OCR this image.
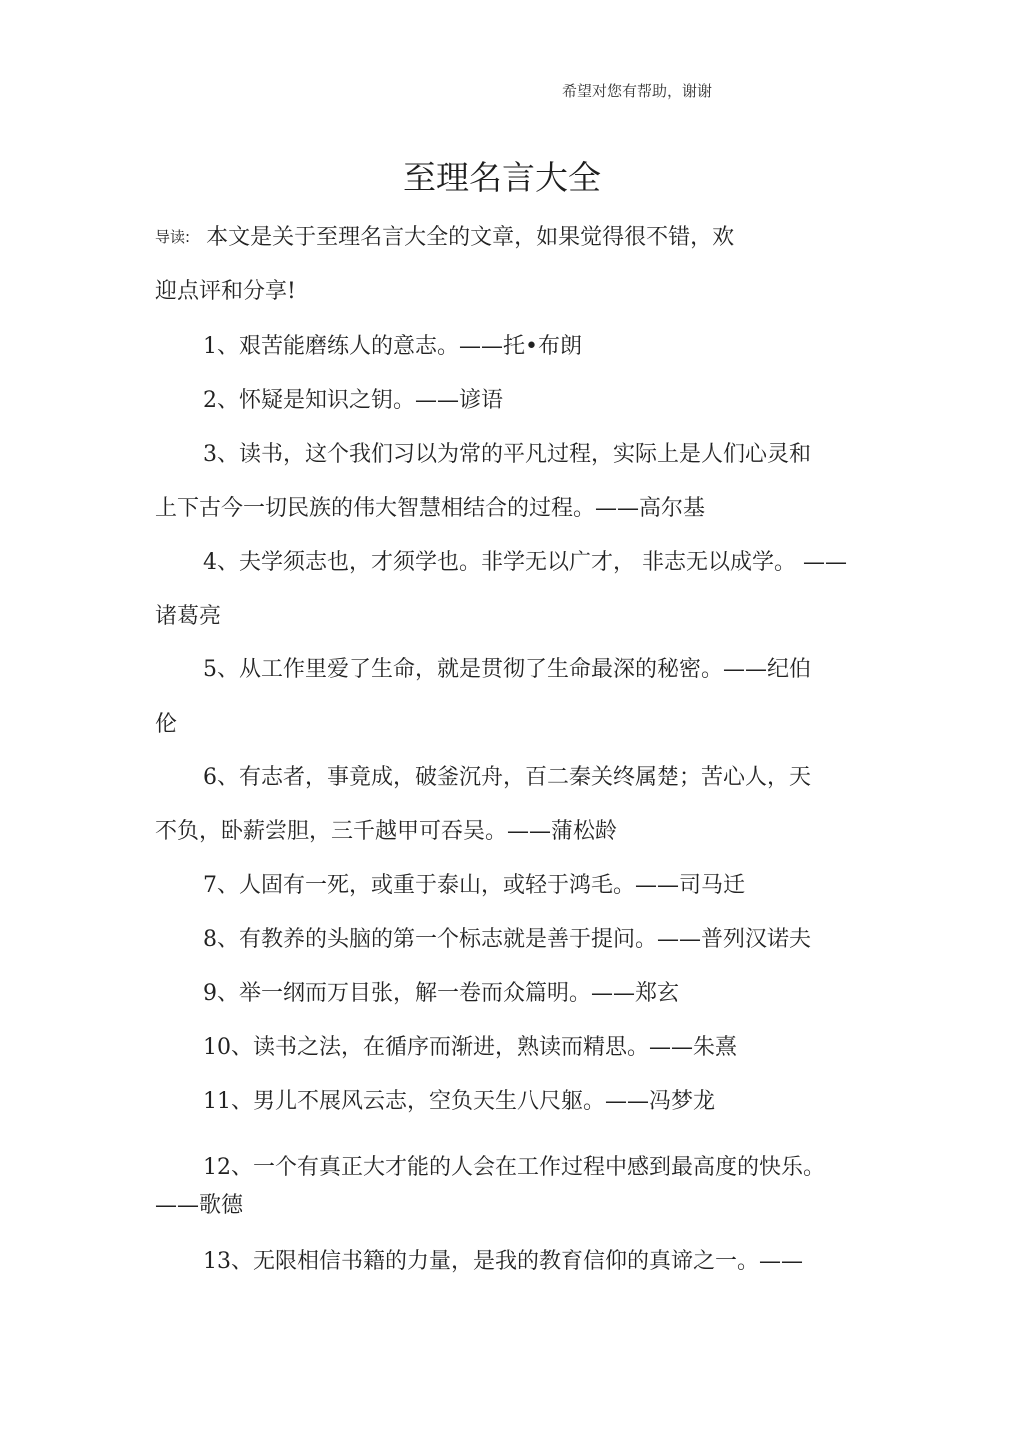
希望对您有帮助，谢谢
至理名言大全
导读: 本文是关于至理名言大全的文章，如果觉得很不错，欢
迎点评和分享!
1、艰苦能磨练人的意志。——托•布朗
2、怀疑是知识之钥。——谚语
3、读书，这个我们习以为常的平凡过程，实际上是人们心灵和
上下古今一切民族的伟大智慧相结合的过程。——高尔基
4、夫学须志也，才须学也。非学无以广才， 非志无以成学。 ——
诸葛亮
5、从工作里爱了生命，就是贯彻了生命最深的秘密。——纪伯
伦
6、有志者，事竟成，破釜沉舟，百二秦关终属楚；苦心人，天
不负，卧薪尝胆，三千越甲可吞吴。——蒲松龄
7、人固有一死，或重于泰山，或轻于鸿毛。——司马迁
8、有教养的头脑的第一个标志就是善于提问。——普列汉诺夫
9、举一纲而万目张，解一卷而众篇明。——郑玄
10、读书之法，在循序而渐进，熟读而精思。——朱熹
11、男儿不展风云志，空负天生八尺躯。——冯梦龙
12、一个有真正大才能的人会在工作过程中感到最高度的快乐。
——歌德
13、无限相信书籍的力量，是我的教育信仰的真谛之一。——
